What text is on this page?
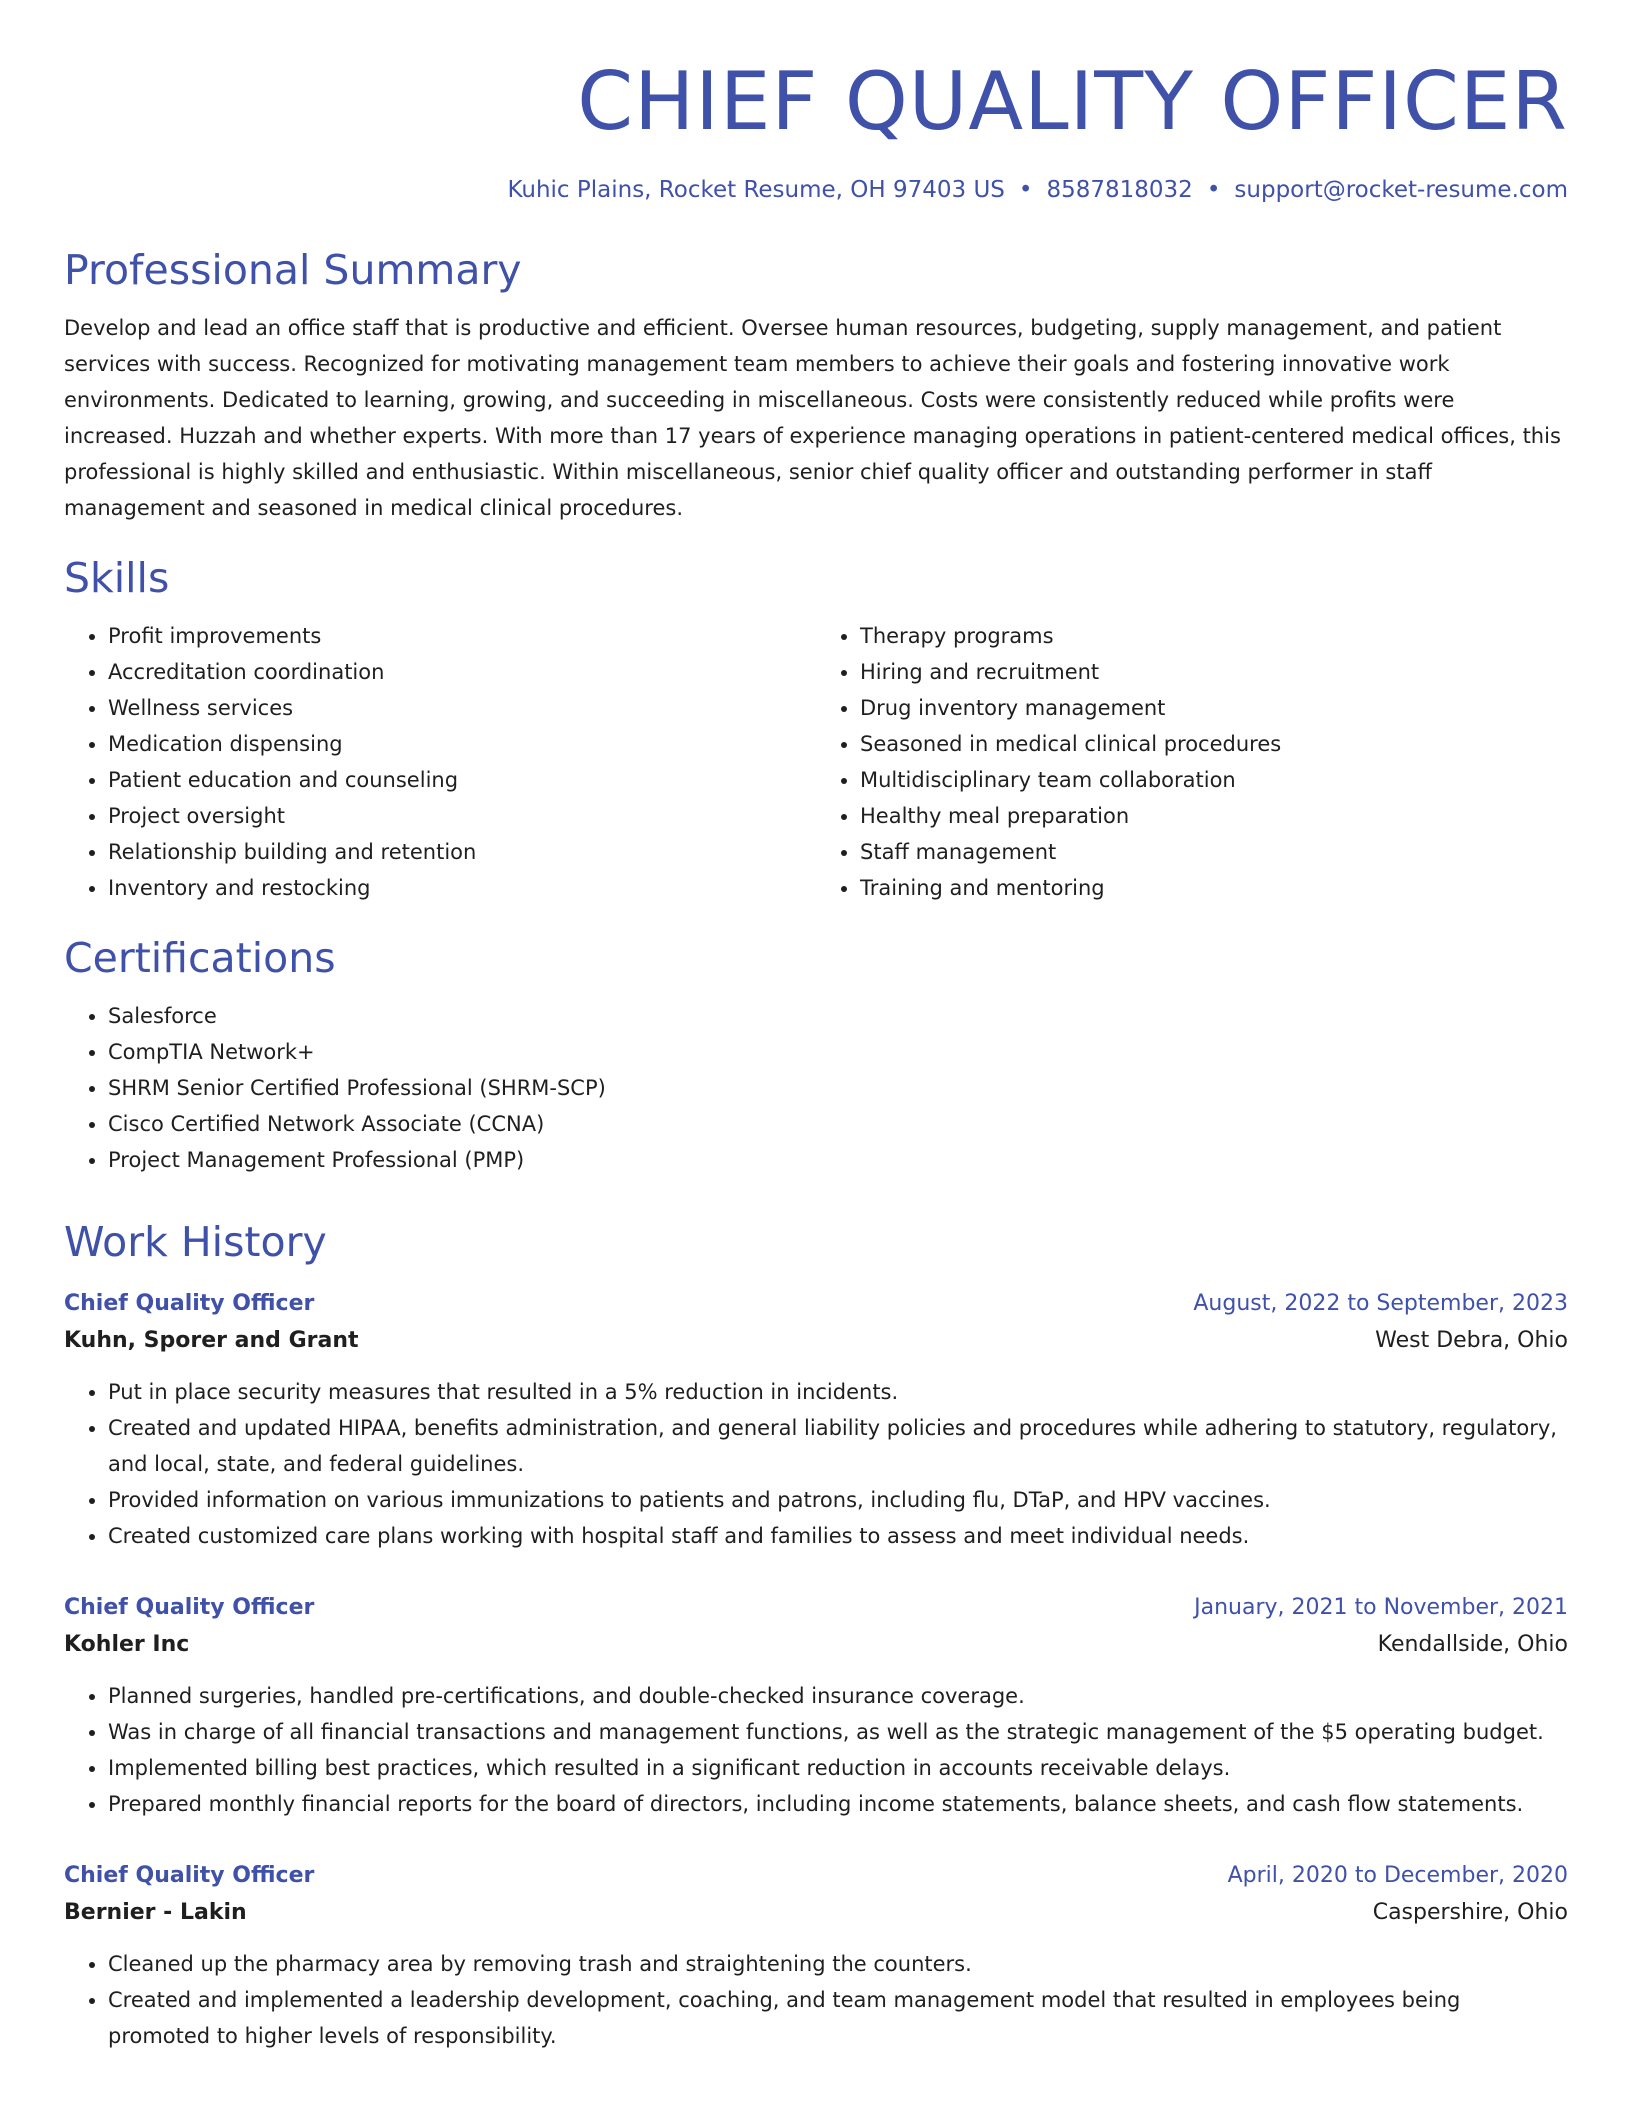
CHIEF QUALITY OFFICER
Kuhic Plains, Rocket Resume, OH 97403 US • 8587818032 • support@rocket-resume.com
Professional Summary

Develop and lead an office staff that is productive and efficient. Oversee human resources, budgeting, supply management, and patient services with success. Recognized for motivating management team members to achieve their goals and fostering innovative work environments. Dedicated to learning, growing, and succeeding in miscellaneous. Costs were consistently reduced while profits were increased. Huzzah and whether experts. With more than 17 years of experience managing operations in patient-centered medical offices, this professional is highly skilled and enthusiastic. Within miscellaneous, senior chief quality officer and outstanding performer in staff management and seasoned in medical clinical procedures.

Skills
• Profit improvements
• Accreditation coordination
• Wellness services
• Medication dispensing
• Patient education and counseling
• Project oversight
• Relationship building and retention
• Inventory and restocking
• Therapy programs
• Hiring and recruitment
• Drug inventory management
• Seasoned in medical clinical procedures
• Multidisciplinary team collaboration
• Healthy meal preparation
• Staff management
• Training and mentoring
Certifications
• Salesforce
• CompTIA Network+
• SHRM Senior Certified Professional (SHRM-SCP)
• Cisco Certified Network Associate (CCNA)
• Project Management Professional (PMP)
Work History
Chief Quality Officer	August, 2022 to September, 2023
Kuhn, Sporer and Grant	West Debra, Ohio
• Put in place security measures that resulted in a 5% reduction in incidents.
• Created and updated HIPAA, benefits administration, and general liability policies and procedures while adhering to statutory, regulatory, and local, state, and federal guidelines.
• Provided information on various immunizations to patients and patrons, including flu, DTaP, and HPV vaccines.
• Created customized care plans working with hospital staff and families to assess and meet individual needs.
Chief Quality Officer	January, 2021 to November, 2021
Kohler Inc	Kendallside, Ohio
• Planned surgeries, handled pre-certifications, and double-checked insurance coverage.
• Was in charge of all financial transactions and management functions, as well as the strategic management of the $5 operating budget.
• Implemented billing best practices, which resulted in a significant reduction in accounts receivable delays.
• Prepared monthly financial reports for the board of directors, including income statements, balance sheets, and cash flow statements.
Chief Quality Officer	April, 2020 to December, 2020
Bernier - Lakin	Caspershire, Ohio
• Cleaned up the pharmacy area by removing trash and straightening the counters.
• Created and implemented a leadership development, coaching, and team management model that resulted in employees being promoted to higher levels of responsibility.
